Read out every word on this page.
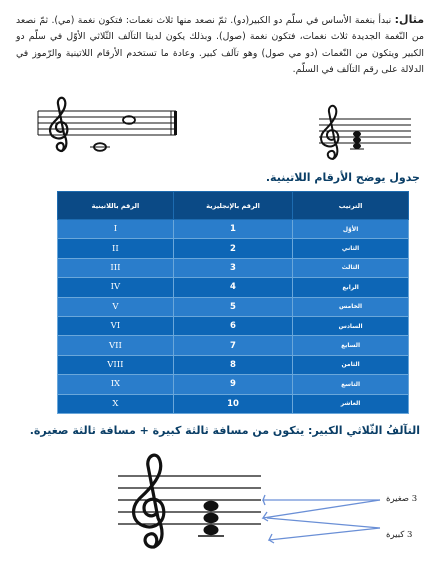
مثال: نبدأ بنغمة الأساس في سلّم دو الكبير(دو). ثمّ نصعد منها ثلاث نغمات: فتكون نغمة (مي). ثمّ نصعد من النّغمة الجديدة ثلاث نغمات، فتكون نغمة (صول). وبذلك يكون لدينا التآلف الثّلاثي الأوّل في سلّم دو الكبير ويتكون من النّغمات (دو مي صول) وهو تآلف كبير. وعادة ما تستخدم الأرقام اللاتينية والرّموز في الدلالة على رقم التآلف في السلّم.

جدول يوضح الأرقام اللاتينية.
الرقم باللاتينية	الرقم بالإنجليزية	الترتيب
I	1	الأوّل
II	2	الثاني
III	3	الثالث
IV	4	الرابع
V	5	الخامس
VI	6	السادس
VII	7	السابع
VIII	8	الثامن
IX	9	التاسع
X	10	العاشر
التآلفُ الثّلاثي الكبير: يتكون من مسافة ثالثة كبيرة + مسافة ثالثة صغيرة.
3 صغيرة
3 كبيرة
